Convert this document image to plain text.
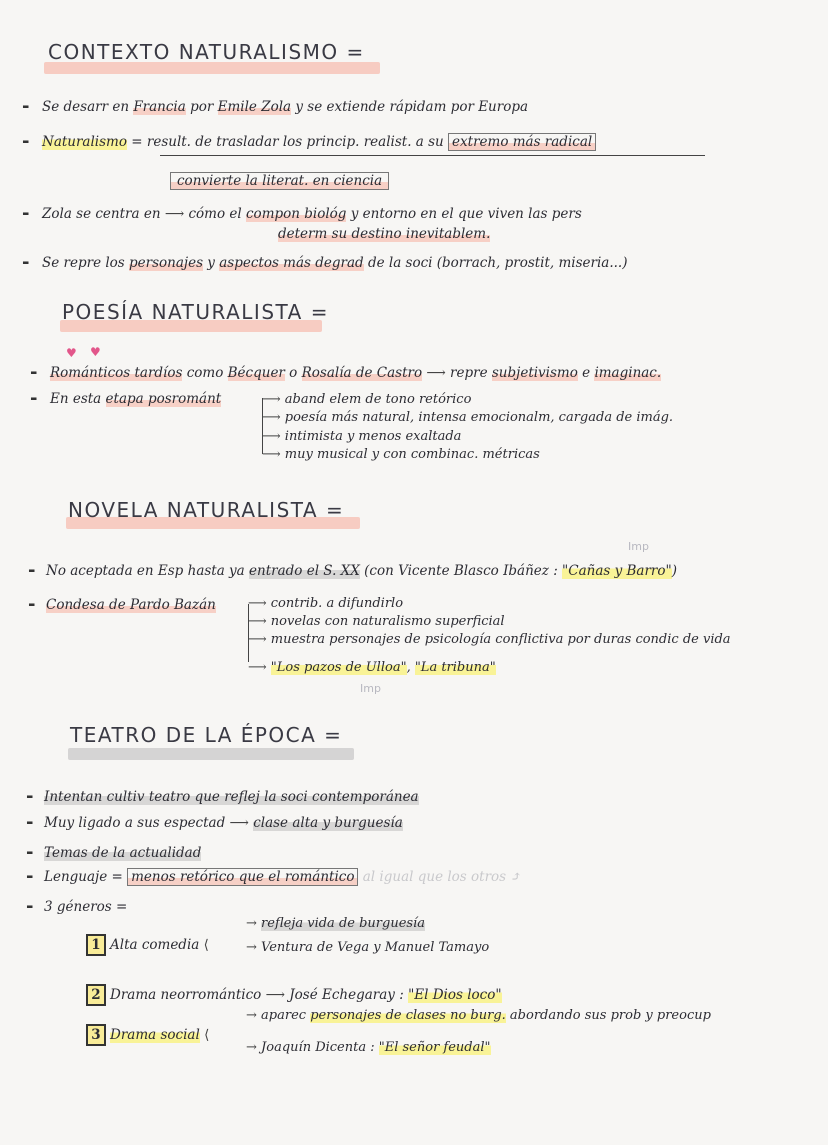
CONTEXTO NATURALISMO =
- Se desarr en Francia por Emile Zola y se extiende rápidam por Europa
- Naturalismo = result. de trasladar los princip. realist. a su extremo más radical
convierte la literat. en ciencia
- Zola se centra en ⟶ cómo el compon biológ y entorno en el que viven las pers
determ su destino inevitablem.
- Se repre los personajes y aspectos más degrad de la soci (borrach, prostit, miseria...)
POESÍA NATURALISTA =
♥ ♥
- Románticos tardíos como Bécquer o Rosalía de Castro ⟶ repre subjetivismo e imaginac.
- En esta etapa posrománt	⟶ aband elem de tono retórico
⟶ poesía más natural, intensa emocionalm, cargada de imág.
⟶ intimista y menos exaltada
⟶ muy musical y con combinac. métricas
NOVELA NATURALISTA =
Imp
- No aceptada en Esp hasta ya entrado el S. XX (con Vicente Blasco Ibáñez : "Cañas y Barro")
- Condesa de Pardo Bazán ⟶ contrib. a difundirlo
⟶ novelas con naturalismo superficial
⟶ muestra personajes de psicología conflictiva por duras condic de vida
⟶ "Los pazos de Ulloa", "La tribuna"
Imp
TEATRO DE LA ÉPOCA =
- Intentan cultiv teatro que reflej la soci contemporánea
- Muy ligado a sus espectad ⟶ clase alta y burguesía
- Temas de la actualidad
- Lenguaje = menos retórico que el romántico al igual que los otros ⤴
- 3 géneros =
1 Alta comedia ⟨
→ refleja vida de burguesía
→ Ventura de Vega y Manuel Tamayo
2 Drama neorromántico ⟶ José Echegaray : "El Dios loco"
3 Drama social ⟨
→ aparec personajes de clases no burg. abordando sus prob y preocup
→ Joaquín Dicenta : "El señor feudal"
